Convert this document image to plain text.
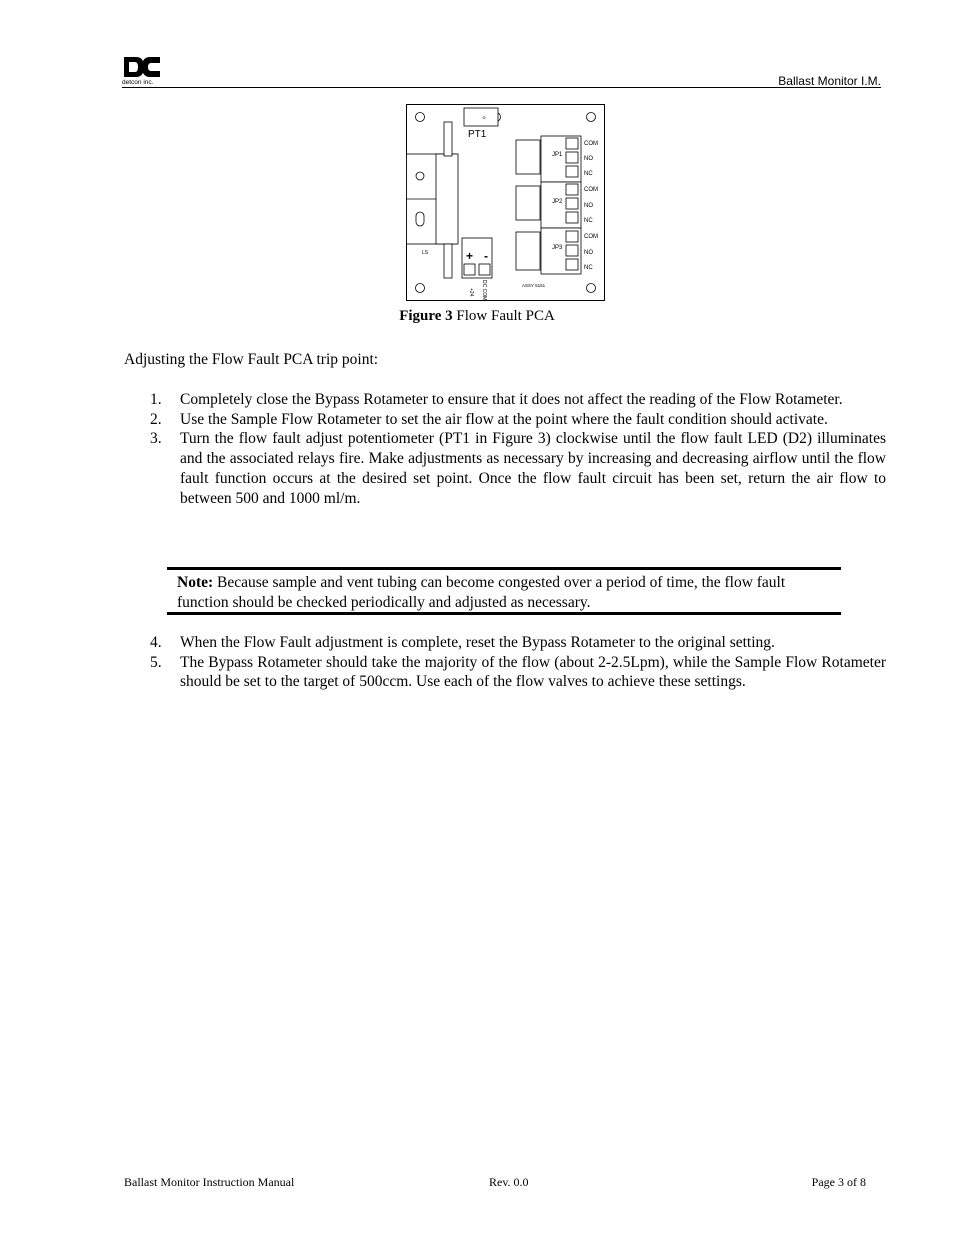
detcon inc.	Ballast Monitor I.M.
⊘
PT1
LS	+ -
+24 DC COM	ASSY 5151
JP1
JP2
JP3
COM
NO
NC
COM
NO
NC
COM
NO
NC
Figure 3 Flow Fault PCA
Adjusting the Flow Fault PCA trip point:
1.	Completely close the Bypass Rotameter to ensure that it does not affect the reading of the Flow Rotameter.
2.	Use the Sample Flow Rotameter to set the air flow at the point where the fault condition should activate.
3.	Turn the flow fault adjust potentiometer (PT1 in Figure 3) clockwise until the flow fault LED (D2) illuminates and the associated relays fire. Make adjustments as necessary by increasing and decreasing airflow until the flow fault function occurs at the desired set point. Once the flow fault circuit has been set, return the air flow to between 500 and 1000 ml/m.
Note: Because sample and vent tubing can become congested over a period of time, the flow fault function should be checked periodically and adjusted as necessary.
4.	When the Flow Fault adjustment is complete, reset the Bypass Rotameter to the original setting.
5.	The Bypass Rotameter should take the majority of the flow (about 2-2.5Lpm), while the Sample Flow Rotameter should be set to the target of 500ccm. Use each of the flow valves to achieve these settings.
Ballast Monitor Instruction Manual	Rev. 0.0	Page 3 of 8
